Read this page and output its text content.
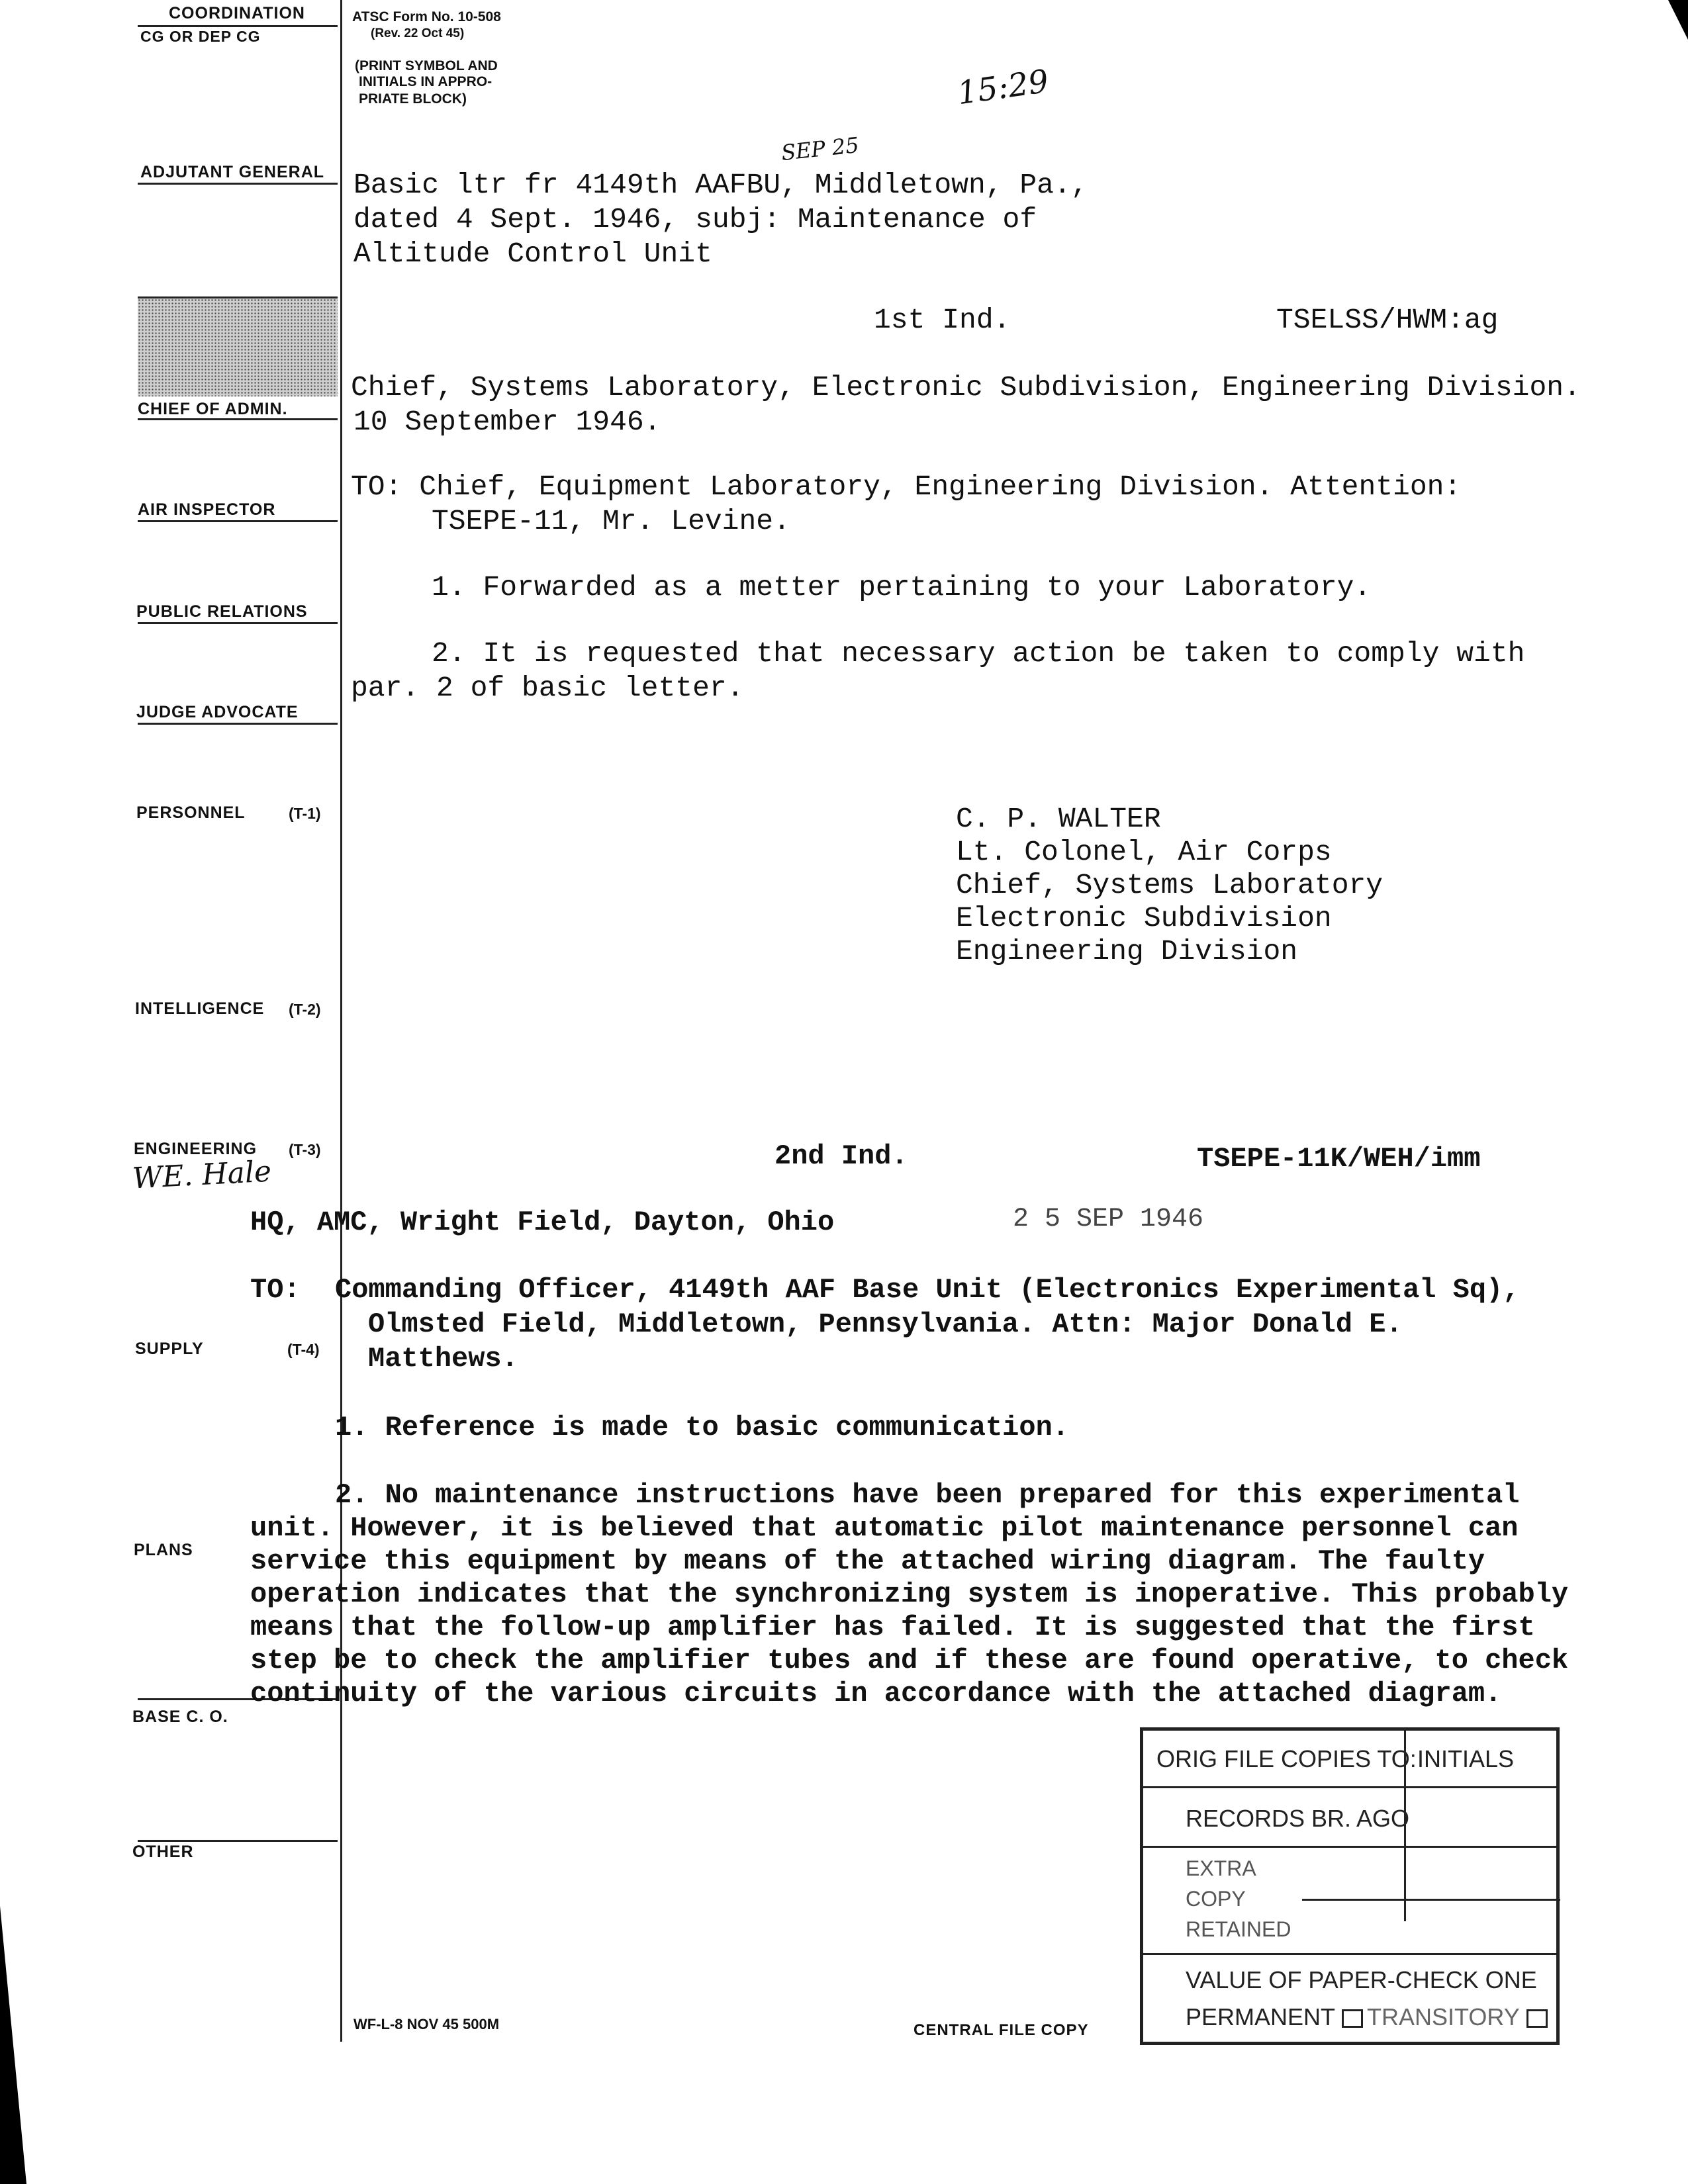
COORDINATION
CG OR DEP CG
ADJUTANT GENERAL
CHIEF OF ADMIN.
AIR INSPECTOR
PUBLIC RELATIONS
JUDGE ADVOCATE
PERSONNEL	(T-1)
INTELLIGENCE (T-2)
ENGINEERING (T-3)
WE. Hale
SUPPLY	(T-4)
PLANS
BASE C. O.
OTHER
ATSC Form No. 10-508
(Rev. 22 Oct 45)
(PRINT SYMBOL AND
INITIALS IN APPRO-
PRIATE BLOCK)	15:29
SEP 25
Basic ltr fr 4149th AAFBU, Middletown, Pa.,
dated 4 Sept. 1946, subj: Maintenance of
Altitude Control Unit
1st Ind.	TSELSS/HWM:ag
Chief, Systems Laboratory, Electronic Subdivision, Engineering Division.
10 September 1946.
TO: Chief, Equipment Laboratory, Engineering Division. Attention:
TSEPE-11, Mr. Levine.
1. Forwarded as a metter pertaining to your Laboratory.
2. It is requested that necessary action be taken to comply with
par. 2 of basic letter.
C. P. WALTER
Lt. Colonel, Air Corps
Chief, Systems Laboratory
Electronic Subdivision
Engineering Division
2nd Ind.	TSEPE-11K/WEH/imm
HQ, AMC, Wright Field, Dayton, Ohio	2 5 SEP 1946
TO: Commanding Officer, 4149th AAF Base Unit (Electronics Experimental Sq),
Olmsted Field, Middletown, Pennsylvania. Attn: Major Donald E.
Matthews.
1. Reference is made to basic communication.
2. No maintenance instructions have been prepared for this experimental
unit. However, it is believed that automatic pilot maintenance personnel can
service this equipment by means of the attached wiring diagram. The faulty
operation indicates that the synchronizing system is inoperative. This probably
means that the follow-up amplifier has failed. It is suggested that the first
step be to check the amplifier tubes and if these are found operative, to check
continuity of the various circuits in accordance with the attached diagram.
ORIG FILE COPIES TO: INITIALS
RECORDS BR. AGO
EXTRA
COPY
RETAINED
VALUE OF PAPER-CHECK ONE
PERMANENT	TRANSITORY
WF-L-8 NOV 45 500M	CENTRAL FILE COPY
